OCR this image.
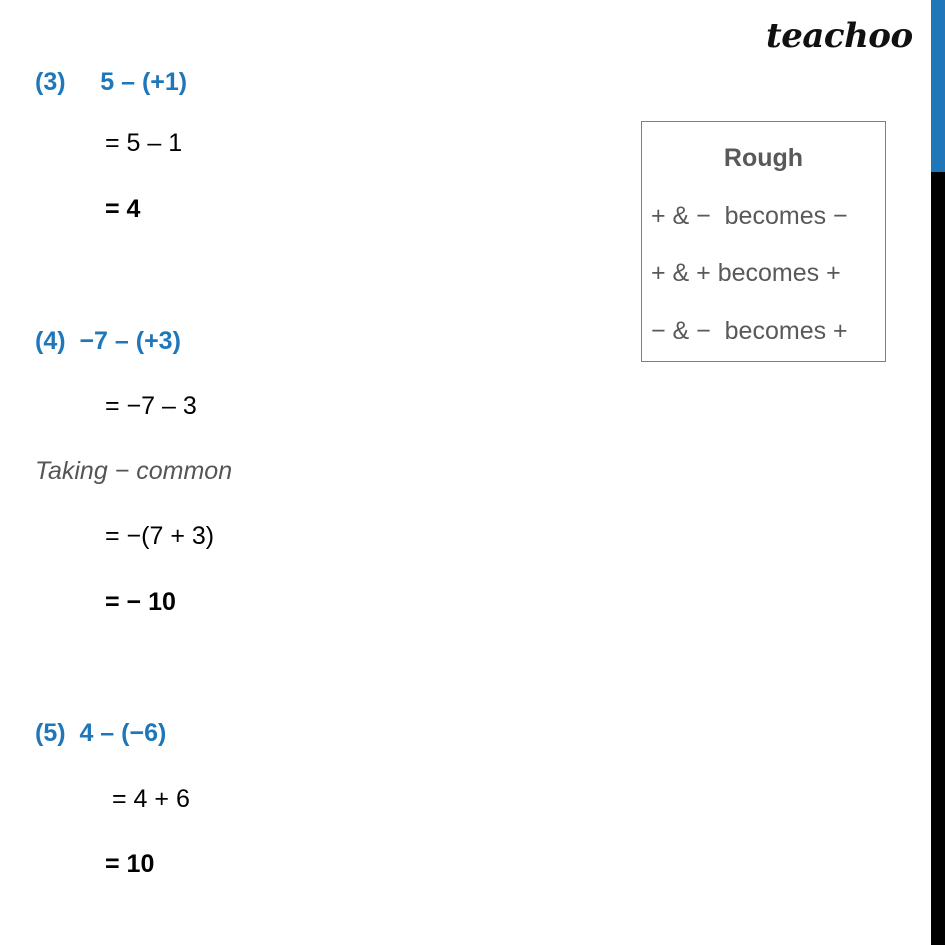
teachoo
(3)     5 – (+1)
= 5 – 1
= 4
(4)  −7 – (+3)
= −7 – 3
Taking − common
= −(7 + 3)
= − 10
(5)  4 – (−6)
= 4 + 6
= 10
Rough
+ & −  becomes −
+ & + becomes +
− & −  becomes +
